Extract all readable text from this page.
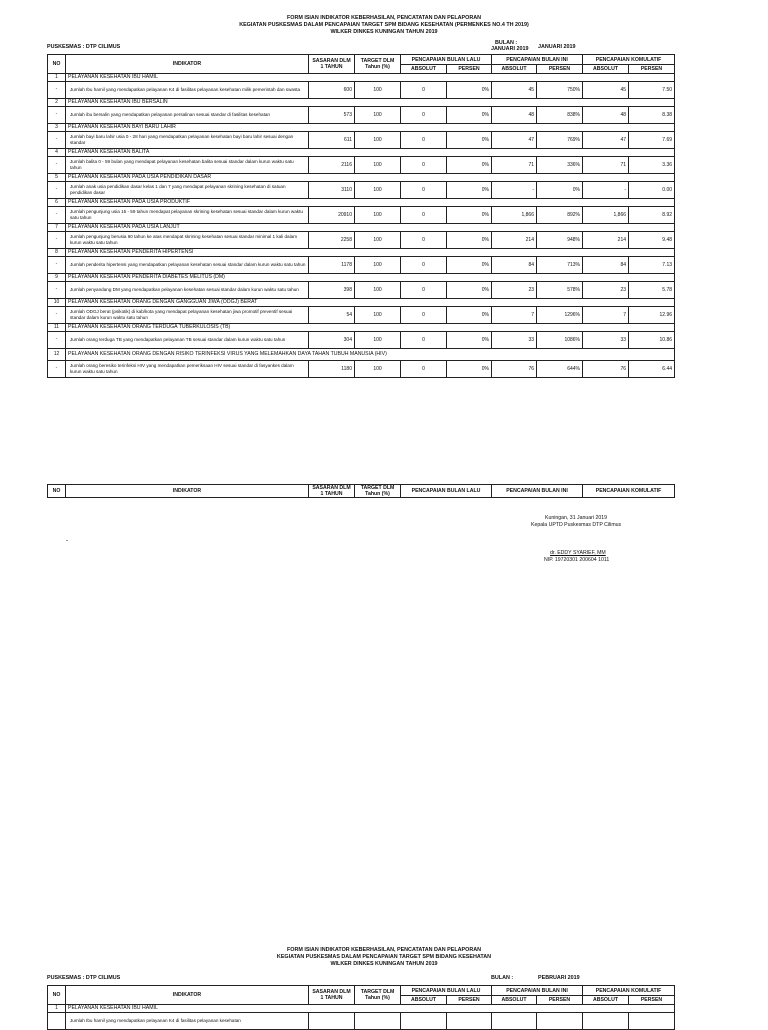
FORM ISIAN INDIKATOR KEBERHASILAN, PENCATATAN DAN PELAPORAN
KEGIATAN PUSKESMAS DALAM PENCAPAIAN TARGET SPM BIDANG KESEHATAN (PERMENKES NO.4 TH 2019)
WILKER DINKES KUNINGAN TAHUN 2019
PUSKESMAS : DTP CILIMUS
BULAN :
JANUARI 2019 JANUARI 2019
NO	INDIKATOR	SASARAN DLM 1 TAHUN	TARGET DLM Tahun (%)	PENCAPAIAN BULAN LALU		PENCAPAIAN BULAN INI		PENCAPAIAN KOMULATIF	
				ABSOLUT	PERSEN	ABSOLUT	PERSEN	ABSOLUT	PERSEN
1	PELAYANAN KESEHATAN IBU HAMIL								
-	Jumlah Ibu hamil yang mendapatkan pelayanan K4 di fasilitas pelayanan kesehatan milik pemerintah dan swasta	600	100	0	0%	45	750%	45	7.50
2	PELAYANAN KESEHATAN IBU BERSALIN								
-	Jumlah ibu bersalin yang mendapatkan pelayanan persalinan sesuai standar di fasilitas kesehatan	573	100	0	0%	48	838%	48	8.38
3	PELAYANAN KESEHATAN BAYI BARU LAHIR								
-	Jumlah bayi baru lahir usia 0 - 28 hari yang mendapatkan pelayanan kesehatan bayi baru lahir sesuai dengan standar	611	100	0	0%	47	769%	47	7.69
4	PELAYANAN KESEHATAN BALITA								
-	Jumlah balita 0 - 59 bulan yang mendapat pelayanan kesehatan balita sesuai standar dalam kurun waktu satu tahun	2116	100	0	0%	71	336%	71	3.36
5	PELAYANAN KESEHATAN PADA USIA PENDIDIKAN DASAR								
-	Jumlah anak usia pendidikan dasar kelas 1 dan 7 yang mendapat pelayanan skrining kesehatan di satuan pendidikan dasar	3110	100	0	0%	-	0%	-	0.00
6	PELAYANAN KESEHATAN PADA USIA PRODUKTIF								
-	Jumlah pengunjung usia 15 - 59 tahun mendapat pelayanan skrining kesehatan sesuai standar dalam kurun waktu satu tahun	20910	100	0	0%	1,866	892%	1,866	8.92
7	PELAYANAN KESEHATAN PADA USIA LANJUT								
-	Jumlah pengunjung berusia 60 tahun ke atas mendapat skrining kesehatan sesuai standar minimal 1 kali dalam kurun waktu satu tahun	2258	100	0	0%	214	948%	214	9.48
8	PELAYANAN KESEHATAN PENDERITA HIPERTENSI								
-	Jumlah penderita hipertensi yang mendapatkan pelayanan kesehatan sesuai standar dalam kurun waktu satu tahun	1178	100	0	0%	84	713%	84	7.13
9	PELAYANAN KESEHATAN PENDERITA DIABETES MELITUS (DM)								
-	Jumlah penyandang DM yang mendapatkan pelayanan kesehatan sesuai standar dalam kurun waktu satu tahun	398	100	0	0%	23	578%	23	5.78
10	PELAYANAN KESEHATAN ORANG DENGAN GANGGUAN JIWA (ODGJ) BERAT								
-	Jumlah ODGJ berat (psikotik) di kab/kota yang mendapat pelayanan kesehatan jiwa promotif preventif sesuai standar dalam kurun waktu satu tahun	54	100	0	0%	7	1296%	7	12.96
11	PELAYANAN KESEHATAN ORANG TERDUGA TUBERKULOSIS (TB)								
-	Jumlah orang terduga TB yang mendapatkan pelayanan TB sesuai standar dalam kurun waktu satu tahun	304	100	0	0%	33	1086%	33	10.86
12	PELAYANAN KESEHATAN ORANG DENGAN RISIKO TERINFEKSI VIRUS YANG MELEMAHKAN DAYA TAHAN TUBUH MANUSIA (HIV)								
-	Jumlah orang beresiko terinfeksi HIV yang mendapatkan pemeriksaan HIV sesuai standar di fasyankes dalam kurun waktu satu tahun	1180	100	0	0%	76	644%	76	6.44
NO	INDIKATOR	SASARAN DLM 1 TAHUN	TARGET DLM Tahun (%)	PENCAPAIAN BULAN LALU	PENCAPAIAN BULAN INI	PENCAPAIAN KOMULATIF
Kuningan, 31 Januari 2019
Kepala UPTD Puskesmas DTP Cilimus
dr. EDDY SYARIEF, MM
NIP. 19720301 200604 1011
FORM ISIAN INDIKATOR KEBERHASILAN, PENCATATAN DAN PELAPORAN
KEGIATAN PUSKESMAS DALAM PENCAPAIAN TARGET SPM BIDANG KESEHATAN
WILKER DINKES KUNINGAN TAHUN 2019
PUSKESMAS : DTP CILIMUS	BULAN :	PEBRUARI 2019
NO	INDIKATOR	SASARAN DLM 1 TAHUN	TARGET DLM Tahun (%)	PENCAPAIAN BULAN LALU		PENCAPAIAN BULAN INI		PENCAPAIAN KOMULATIF	
				ABSOLUT	PERSEN	ABSOLUT	PERSEN	ABSOLUT	PERSEN
1	PELAYANAN KESEHATAN IBU HAMIL								
	Jumlah Ibu hamil yang mendapatkan pelayanan K4 di fasilitas pelayanan kesehatan								
